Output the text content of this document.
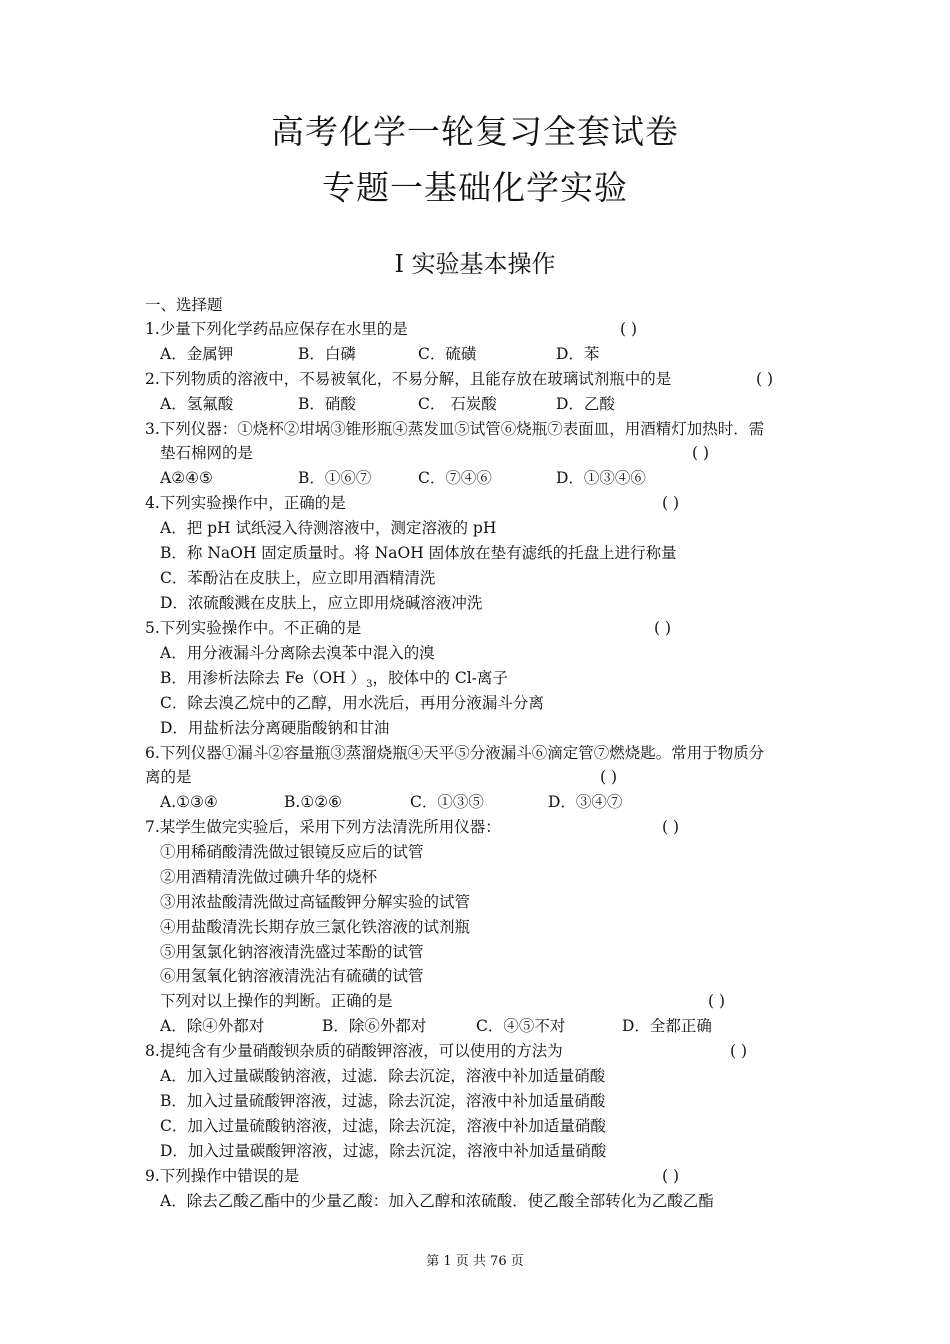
高考化学一轮复习全套试卷
专题一基础化学实验
I 实验基本操作
一、选择题
1.少量下列化学药品应保存在水里的是	( )
A．金属钾	B．白磷	C．硫磺	D．苯
2.下列物质的溶液中，不易被氧化，不易分解，且能存放在玻璃试剂瓶中的是	( )
A．氢氟酸	B．硝酸	C． 石炭酸	D．乙酸
3.下列仪器：①烧杯②坩埚③锥形瓶④蒸发皿⑤试管⑥烧瓶⑦表面皿，用酒精灯加热时．需
垫石棉网的是	( )
A②④⑤	B．①⑥⑦	C．⑦④⑥	D．①③④⑥
4.下列实验操作中，正确的是	( )
A．把 pH 试纸浸入待测溶液中，测定溶液的 pH
B．称 NaOH 固定质量时。将 NaOH 固体放在垫有滤纸的托盘上进行称量
C．苯酚沾在皮肤上，应立即用酒精清洗
D．浓硫酸溅在皮肤上，应立即用烧碱溶液冲洗
5.下列实验操作中。不正确的是	( )
A．用分液漏斗分离除去溴苯中混入的溴
B．用渗析法除去 Fe（OH ）$_3$，胶体中的 Cl-离子
C．除去溴乙烷中的乙醇，用水洗后，再用分液漏斗分离
D．用盐析法分离硬脂酸钠和甘油
6.下列仪器①漏斗②容量瓶③蒸溜烧瓶④天平⑤分液漏斗⑥滴定管⑦燃烧匙。常用于物质分
离的是	( )
A.①③④	B.①②⑥	C．①③⑤	D．③④⑦
7.某学生做完实验后，采用下列方法清洗所用仪器：	( )
①用稀硝酸清洗做过银镜反应后的试管
②用酒精清洗做过碘升华的烧杯
③用浓盐酸清洗做过高锰酸钾分解实验的试管
④用盐酸清洗长期存放三氯化铁溶液的试剂瓶
⑤用氢氯化钠溶液清洗盛过苯酚的试管
⑥用氢氧化钠溶液清洗沾有硫磺的试管
下列对以上操作的判断。正确的是	( )
A．除④外都对	B．除⑥外都对	C．④⑤不对	D．全都正确
8.提纯含有少量硝酸钡杂质的硝酸钾溶液，可以使用的方法为	( )
A．加入过量碳酸钠溶液，过滤．除去沉淀，溶液中补加适量硝酸
B．加入过量硫酸钾溶液，过滤，除去沉淀，溶液中补加适量硝酸
C．加入过量硫酸钠溶液，过滤，除去沉淀，溶液中补加适量硝酸
D．加入过量碳酸钾溶液，过滤，除去沉淀，溶液中补加适量硝酸
9.下列操作中错误的是	( )
A．除去乙酸乙酯中的少量乙酸：加入乙醇和浓硫酸．使乙酸全部转化为乙酸乙酯
第 1 页 共 76 页
